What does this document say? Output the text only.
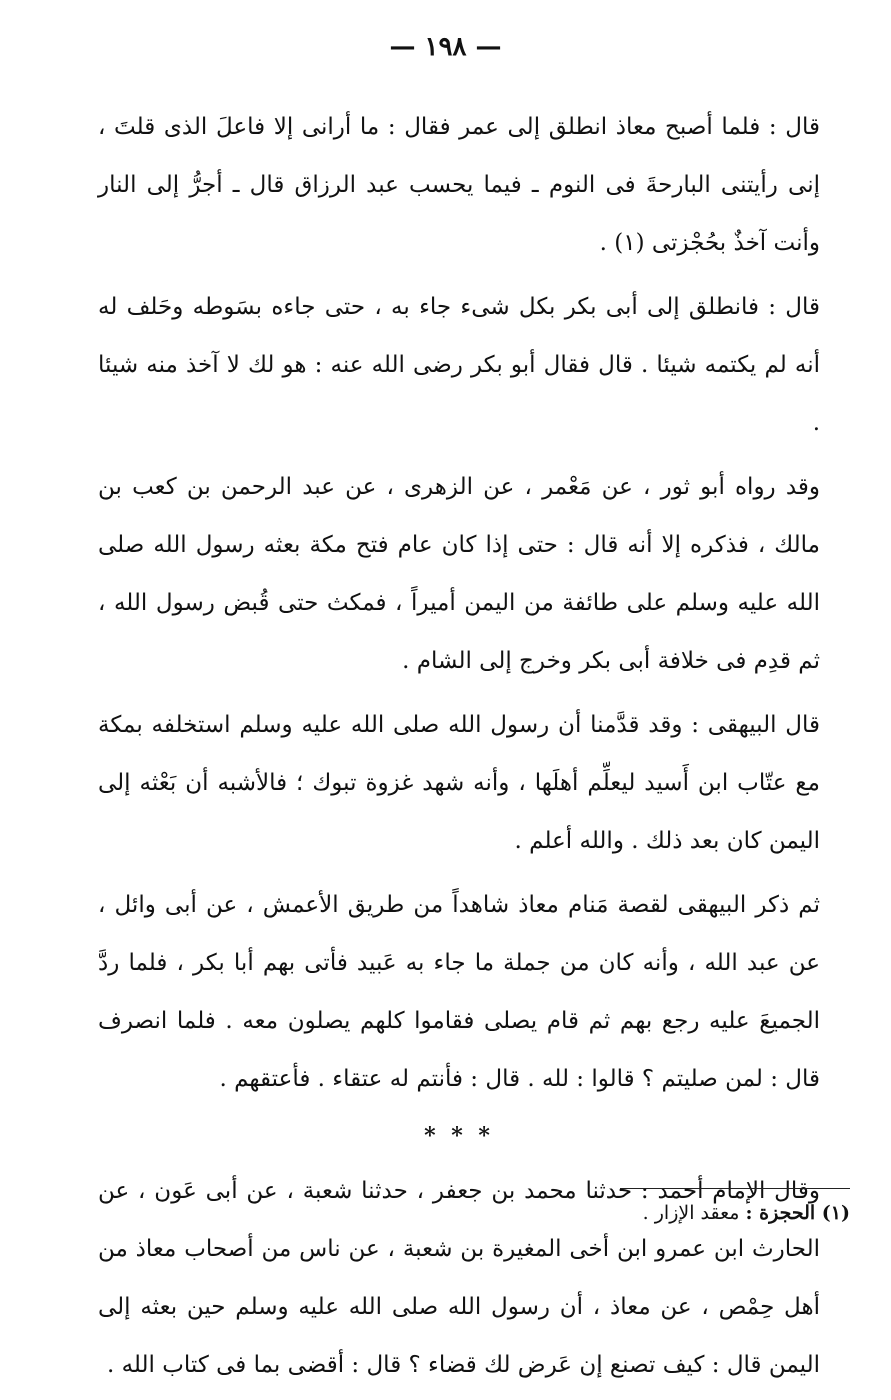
— ١٩٨ —

قال : فلما أصبح معاذ انطلق إلى عمر فقال : ما أرانى إلا فاعلَ الذى قلتَ ، إنى رأيتنى البارحةَ فى النوم ـ فيما يحسب عبد الرزاق قال ـ أجرُّ إلى النار وأنت آخذٌ بحُجْزتى (١) .

قال : فانطلق إلى أبى بكر بكل شىء جاء به ، حتى جاءه بسَوطه وحَلف له أنه لم يكتمه شيئا . قال فقال أبو بكر رضى الله عنه : هو لك لا آخذ منه شيئا .

وقد رواه أبو ثور ، عن مَعْمر ، عن الزهرى ، عن عبد الرحمن بن كعب بن مالك ، فذكره إلا أنه قال : حتى إذا كان عام فتح مكة بعثه رسول الله صلى الله عليه وسلم على طائفة من اليمن أميراً ، فمكث حتى قُبض رسول الله ، ثم قدِم فى خلافة أبى بكر وخرج إلى الشام .

قال البيهقى : وقد قدَّمنا أن رسول الله صلى الله عليه وسلم استخلفه بمكة مع عتّاب ابن أَسيد ليعلِّم أهلَها ، وأنه شهد غزوة تبوك ؛ فالأشبه أن بَعْثه إلى اليمن كان بعد ذلك . والله أعلم .

ثم ذكر البيهقى لقصة مَنام معاذ شاهداً من طريق الأعمش ، عن أبى وائل ، عن عبد الله ، وأنه كان من جملة ما جاء به عَبيد فأتى بهم أبا بكر ، فلما ردَّ الجميعَ عليه رجع بهم ثم قام يصلى فقاموا كلهم يصلون معه . فلما انصرف قال : لمن صليتم ؟ قالوا : لله . قال : فأنتم له عتقاء . فأعتقهم .

* * *

وقال الإمام أحمد : حدثنا محمد بن جعفر ، حدثنا شعبة ، عن أبى عَون ، عن الحارث ابن عمرو ابن أخى المغيرة بن شعبة ، عن ناس من أصحاب معاذ من أهل حِمْص ، عن معاذ ، أن رسول الله صلى الله عليه وسلم حين بعثه إلى اليمن قال : كيف تصنع إن عَرض لك قضاء ؟ قال : أقضى بما فى كتاب الله .

(١) الحجزة : معقد الإزار .
